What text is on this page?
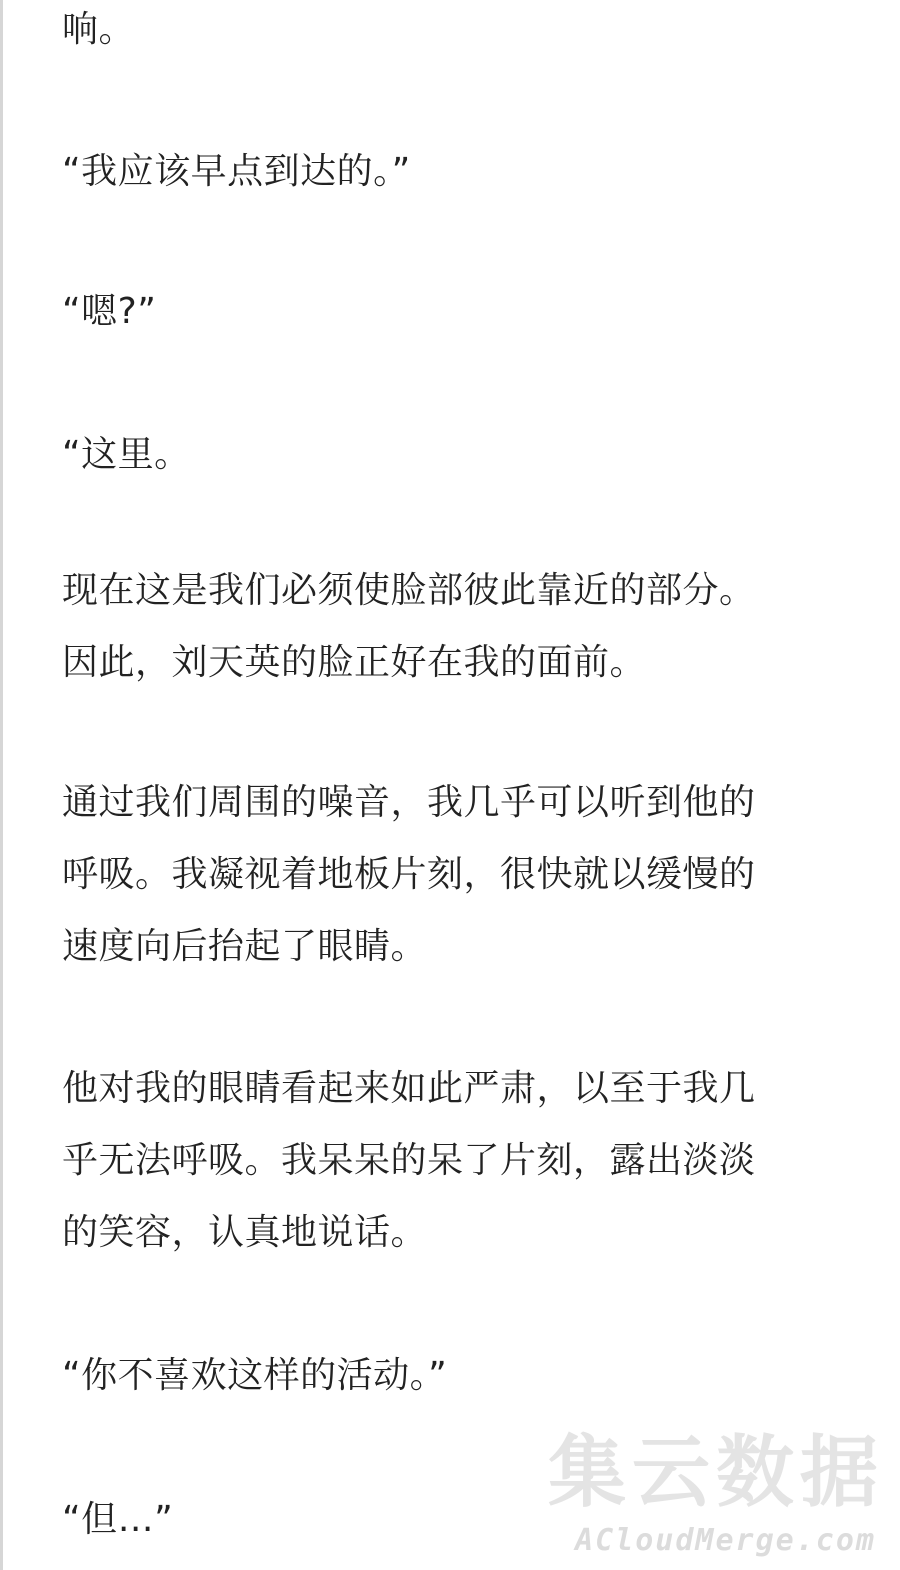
响。

“我应该早点到达的。”

“嗯?”

“这里。

现在这是我们必须使脸部彼此靠近的部分。
因此，刘天英的脸正好在我的面前。

通过我们周围的噪音，我几乎可以听到他的
呼吸。我凝视着地板片刻，很快就以缓慢的
速度向后抬起了眼睛。

他对我的眼睛看起来如此严肃，以至于我几
乎无法呼吸。我呆呆的呆了片刻，露出淡淡
的笑容，认真地说话。

“你不喜欢这样的活动。”

“但…”

集云数据
ACloudMerge.com
